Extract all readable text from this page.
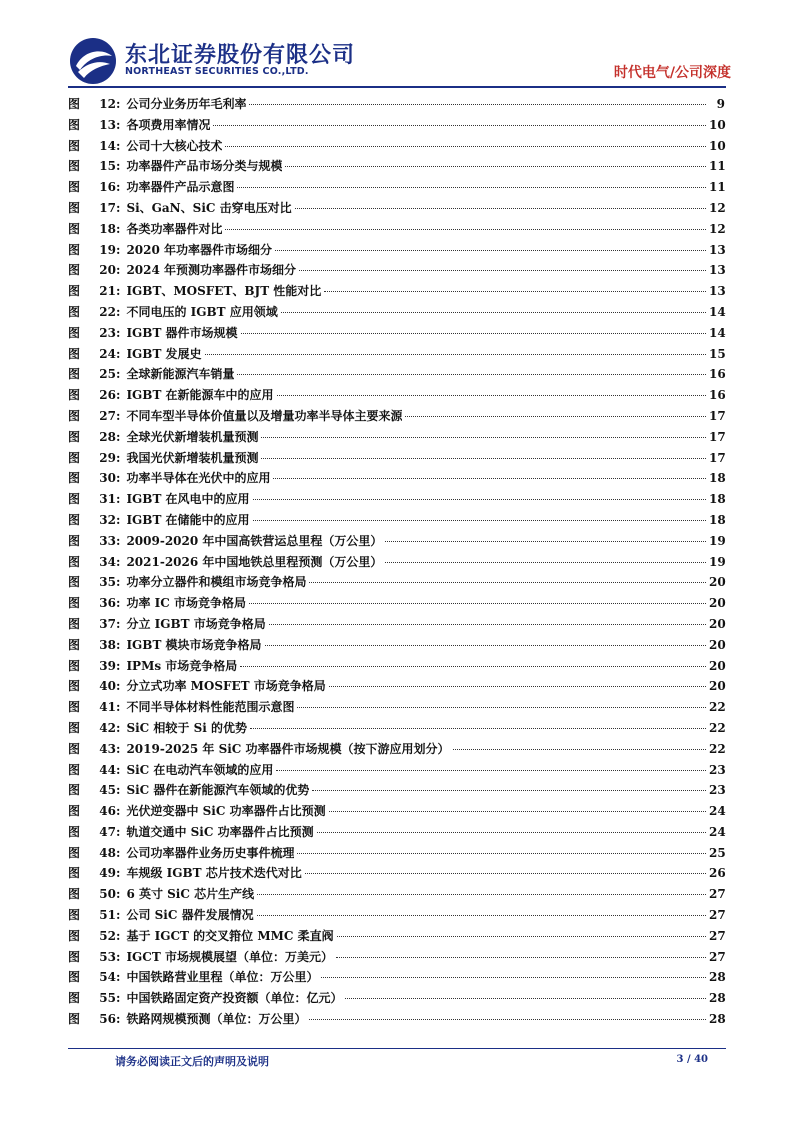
东北证券股份有限公司
NORTHEAST SECURITIES CO.,LTD.	时代电气/公司深度
图	12 : 公司分业务历年毛利率	9
图	13 : 各项费用率情况	10
图	14 : 公司十大核心技术	10
图	15 : 功率器件产品市场分类与规模	11
图	16 : 功率器件产品示意图	11
图	17 : Si、GaN、SiC 击穿电压对比	12
图	18 : 各类功率器件对比	12
图	19 : 2020 年功率器件市场细分	13
图	20 : 2024 年预测功率器件市场细分	13
图	21 : IGBT、MOSFET、BJT 性能对比	13
图	22 : 不同电压的 IGBT 应用领域	14
图	23 : IGBT 器件市场规模	14
图	24 : IGBT 发展史	15
图	25 : 全球新能源汽车销量	16
图	26 : IGBT 在新能源车中的应用	16
图	27 : 不同车型半导体价值量以及增量功率半导体主要来源	17
图	28 : 全球光伏新增装机量预测	17
图	29 : 我国光伏新增装机量预测	17
图	30 : 功率半导体在光伏中的应用	18
图	31 : IGBT 在风电中的应用	18
图	32 : IGBT 在储能中的应用	18
图	33 : 2009-2020 年中国高铁营运总里程（万公里）	19
图	34 : 2021-2026 年中国地铁总里程预测（万公里）	19
图	35 : 功率分立器件和模组市场竞争格局	20
图	36 : 功率 IC 市场竞争格局	20
图	37 : 分立 IGBT 市场竞争格局	20
图	38 : IGBT 模块市场竞争格局	20
图	39 : IPMs 市场竞争格局	20
图	40 : 分立式功率 MOSFET 市场竞争格局	20
图	41 : 不同半导体材料性能范围示意图	22
图	42 : SiC 相较于 Si 的优势	22
图	43 : 2019-2025 年 SiC 功率器件市场规模（按下游应用划分）	22
图	44 : SiC 在电动汽车领域的应用	23
图	45 : SiC 器件在新能源汽车领域的优势	23
图	46 : 光伏逆变器中 SiC 功率器件占比预测	24
图	47 : 轨道交通中 SiC 功率器件占比预测	24
图	48 : 公司功率器件业务历史事件梳理	25
图	49 : 车规级 IGBT 芯片技术迭代对比	26
图	50 : 6 英寸 SiC 芯片生产线	27
图	51 : 公司 SiC 器件发展情况	27
图	52 : 基于 IGCT 的交叉箝位 MMC 柔直阀	27
图	53 : IGCT 市场规模展望（单位：万美元）	27
图	54 : 中国铁路营业里程（单位：万公里）	28
图	55 : 中国铁路固定资产投资额（单位：亿元）	28
图	56 : 铁路网规模预测（单位：万公里）	28
请务必阅读正文后的声明及说明	3 / 40
